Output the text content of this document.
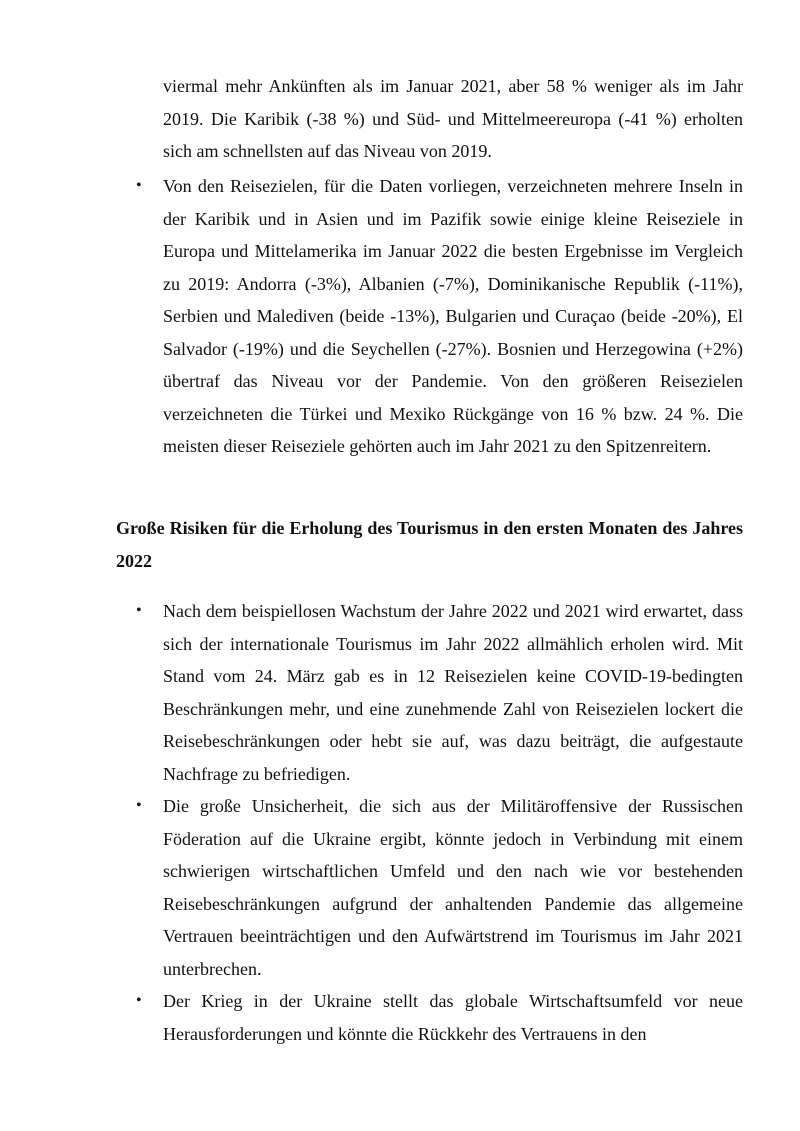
viermal mehr Ankünften als im Januar 2021, aber 58 % weniger als im Jahr 2019. Die Karibik (-38 %) und Süd- und Mittelmeereuropa (-41 %) erholten sich am schnellsten auf das Niveau von 2019.

• Von den Reisezielen, für die Daten vorliegen, verzeichneten mehrere Inseln in der Karibik und in Asien und im Pazifik sowie einige kleine Reiseziele in Europa und Mittelamerika im Januar 2022 die besten Ergebnisse im Vergleich zu 2019: Andorra (-3%), Albanien (-7%), Dominikanische Republik (-11%), Serbien und Malediven (beide -13%), Bulgarien und Curaçao (beide -20%), El Salvador (-19%) und die Seychellen (-27%). Bosnien und Herzegowina (+2%) übertraf das Niveau vor der Pandemie. Von den größeren Reisezielen verzeichneten die Türkei und Mexiko Rückgänge von 16 % bzw. 24 %. Die meisten dieser Reiseziele gehörten auch im Jahr 2021 zu den Spitzenreitern.

Große Risiken für die Erholung des Tourismus in den ersten Monaten des Jahres 2022
• Nach dem beispiellosen Wachstum der Jahre 2022 und 2021 wird erwartet, dass sich der internationale Tourismus im Jahr 2022 allmählich erholen wird. Mit Stand vom 24. März gab es in 12 Reisezielen keine COVID-19-bedingten Beschränkungen mehr, und eine zunehmende Zahl von Reisezielen lockert die Reisebeschränkungen oder hebt sie auf, was dazu beiträgt, die aufgestaute Nachfrage zu befriedigen.

• Die große Unsicherheit, die sich aus der Militäroffensive der Russischen Föderation auf die Ukraine ergibt, könnte jedoch in Verbindung mit einem schwierigen wirtschaftlichen Umfeld und den nach wie vor bestehenden Reisebeschränkungen aufgrund der anhaltenden Pandemie das allgemeine Vertrauen beeinträchtigen und den Aufwärtstrend im Tourismus im Jahr 2021 unterbrechen.

• Der Krieg in der Ukraine stellt das globale Wirtschaftsumfeld vor neue Herausforderungen und könnte die Rückkehr des Vertrauens in den
